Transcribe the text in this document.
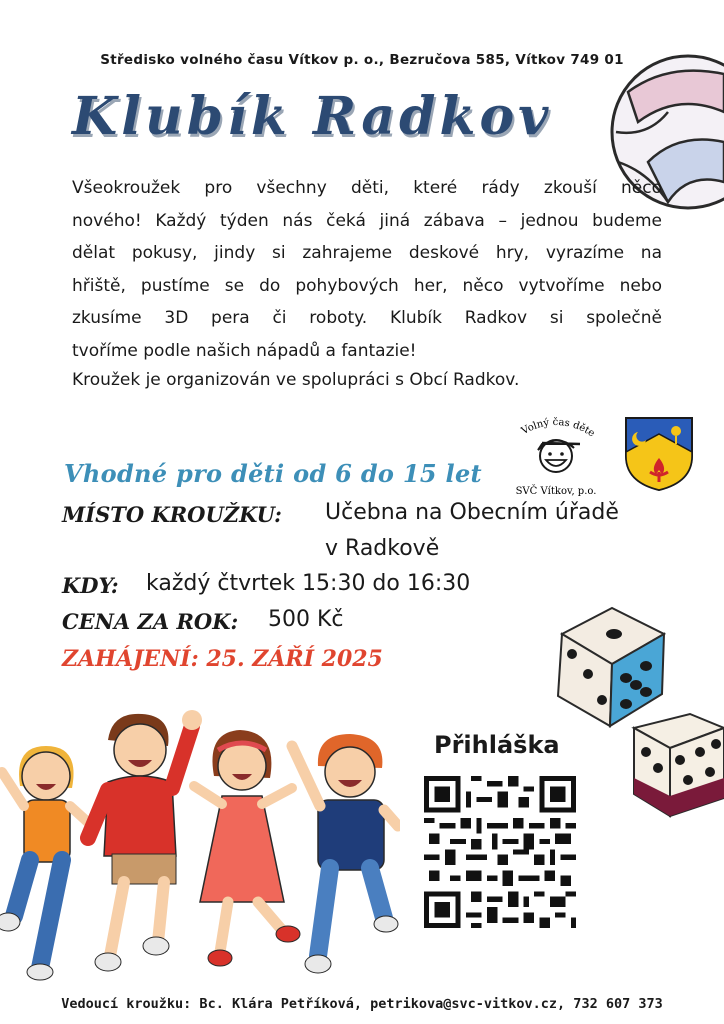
Středisko volného času Vítkov p. o., Bezručova 585, Vítkov 749 01
Klubík Radkov
Všeokroužek pro všechny děti, které rády zkouší něco
nového! Každý týden nás čeká jiná zábava – jednou budeme
dělat pokusy, jindy si zahrajeme deskové hry, vyrazíme na
hřiště, pustíme se do pohybových her, něco vytvoříme nebo
zkusíme 3D pera či roboty. Klubík Radkov si společně
tvoříme podle našich nápadů a fantazie!
Kroužek je organizován ve spolupráci s Obcí Radkov.
Volný čas děte
SVČ Vítkov, p.o.
Vhodné pro děti od 6 do 15 let
MÍSTO KROUŽKU: Učebna na Obecním úřadě
v Radkově
KDY: každý čtvrtek 15:30 do 16:30
CENA ZA ROK: 500 Kč
ZAHÁJENÍ: 25. ZÁŘÍ 2025
Přihláška
Vedoucí kroužku: Bc. Klára Petříková, petrikova@svc-vitkov.cz, 732 607 373
